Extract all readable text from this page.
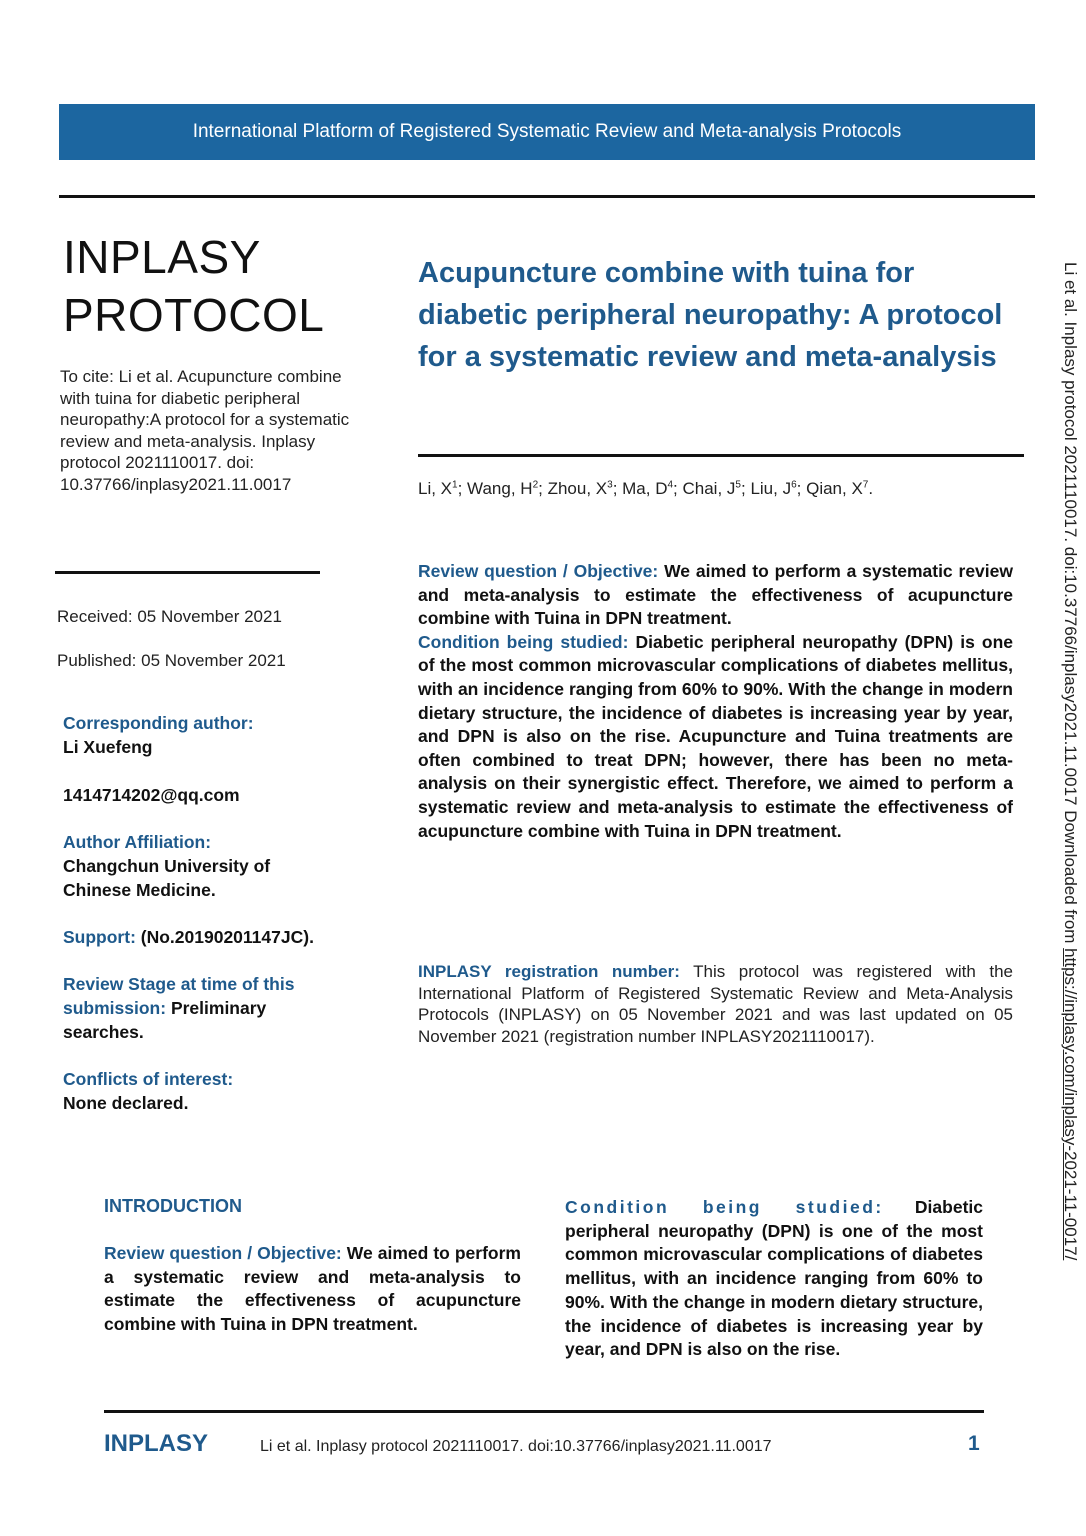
International Platform of Registered Systematic Review and Meta-analysis Protocols
INPLASY
PROTOCOL
To cite: Li et al. Acupuncture combine with tuina for diabetic peripheral neuropathy:A protocol for a systematic review and meta-analysis. Inplasy protocol 2021110017. doi: 10.37766/inplasy2021.11.0017
Received: 05 November 2021
Published: 05 November 2021
Corresponding author:
Li Xuefeng
1414714202@qq.com
Author Affiliation:
Changchun University of Chinese Medicine.
Support: (No.20190201147JC).
Review Stage at time of this submission: Preliminary searches.
Conflicts of interest:
None declared.
Acupuncture combine with tuina for diabetic peripheral neuropathy: A protocol for a systematic review and meta-analysis
Li, $X^1$; Wang, $H^2$; Zhou, $X^3$; Ma, $D^4$; Chai, $J^5$; Liu, $J^6$; Qian, $X^7$.

Review question / Objective: We aimed to perform a systematic review and meta-analysis to estimate the effectiveness of acupuncture combine with Tuina in DPN treatment.

Condition being studied: Diabetic peripheral neuropathy (DPN) is one of the most common microvascular complications of diabetes mellitus, with an incidence ranging from 60% to 90%. With the change in modern dietary structure, the incidence of diabetes is increasing year by year, and DPN is also on the rise. Acupuncture and Tuina treatments are often combined to treat DPN; however, there has been no meta-analysis on their synergistic effect. Therefore, we aimed to perform a systematic review and meta-analysis to estimate the effectiveness of acupuncture combine with Tuina in DPN treatment.

INPLASY registration number: This protocol was registered with the International Platform of Registered Systematic Review and Meta-Analysis Protocols (INPLASY) on 05 November 2021 and was last updated on 05 November 2021 (registration number INPLASY2021110017).
INTRODUCTION
Review question / Objective: We aimed to perform a systematic review and meta-analysis to estimate the effectiveness of acupuncture combine with Tuina in DPN treatment.
Condition being studied: Diabetic peripheral neuropathy (DPN) is one of the most common microvascular complications of diabetes mellitus, with an incidence ranging from 60% to 90%. With the change in modern dietary structure, the incidence of diabetes is increasing year by year, and DPN is also on the rise.
Li et al. Inplasy protocol 2021110017. doi:10.37766/inplasy2021.11.0017 Downloaded from https://inplasy.com/inplasy-2021-11-0017/
INPLASY	Li et al. Inplasy protocol 2021110017. doi:10.37766/inplasy2021.11.0017	1
